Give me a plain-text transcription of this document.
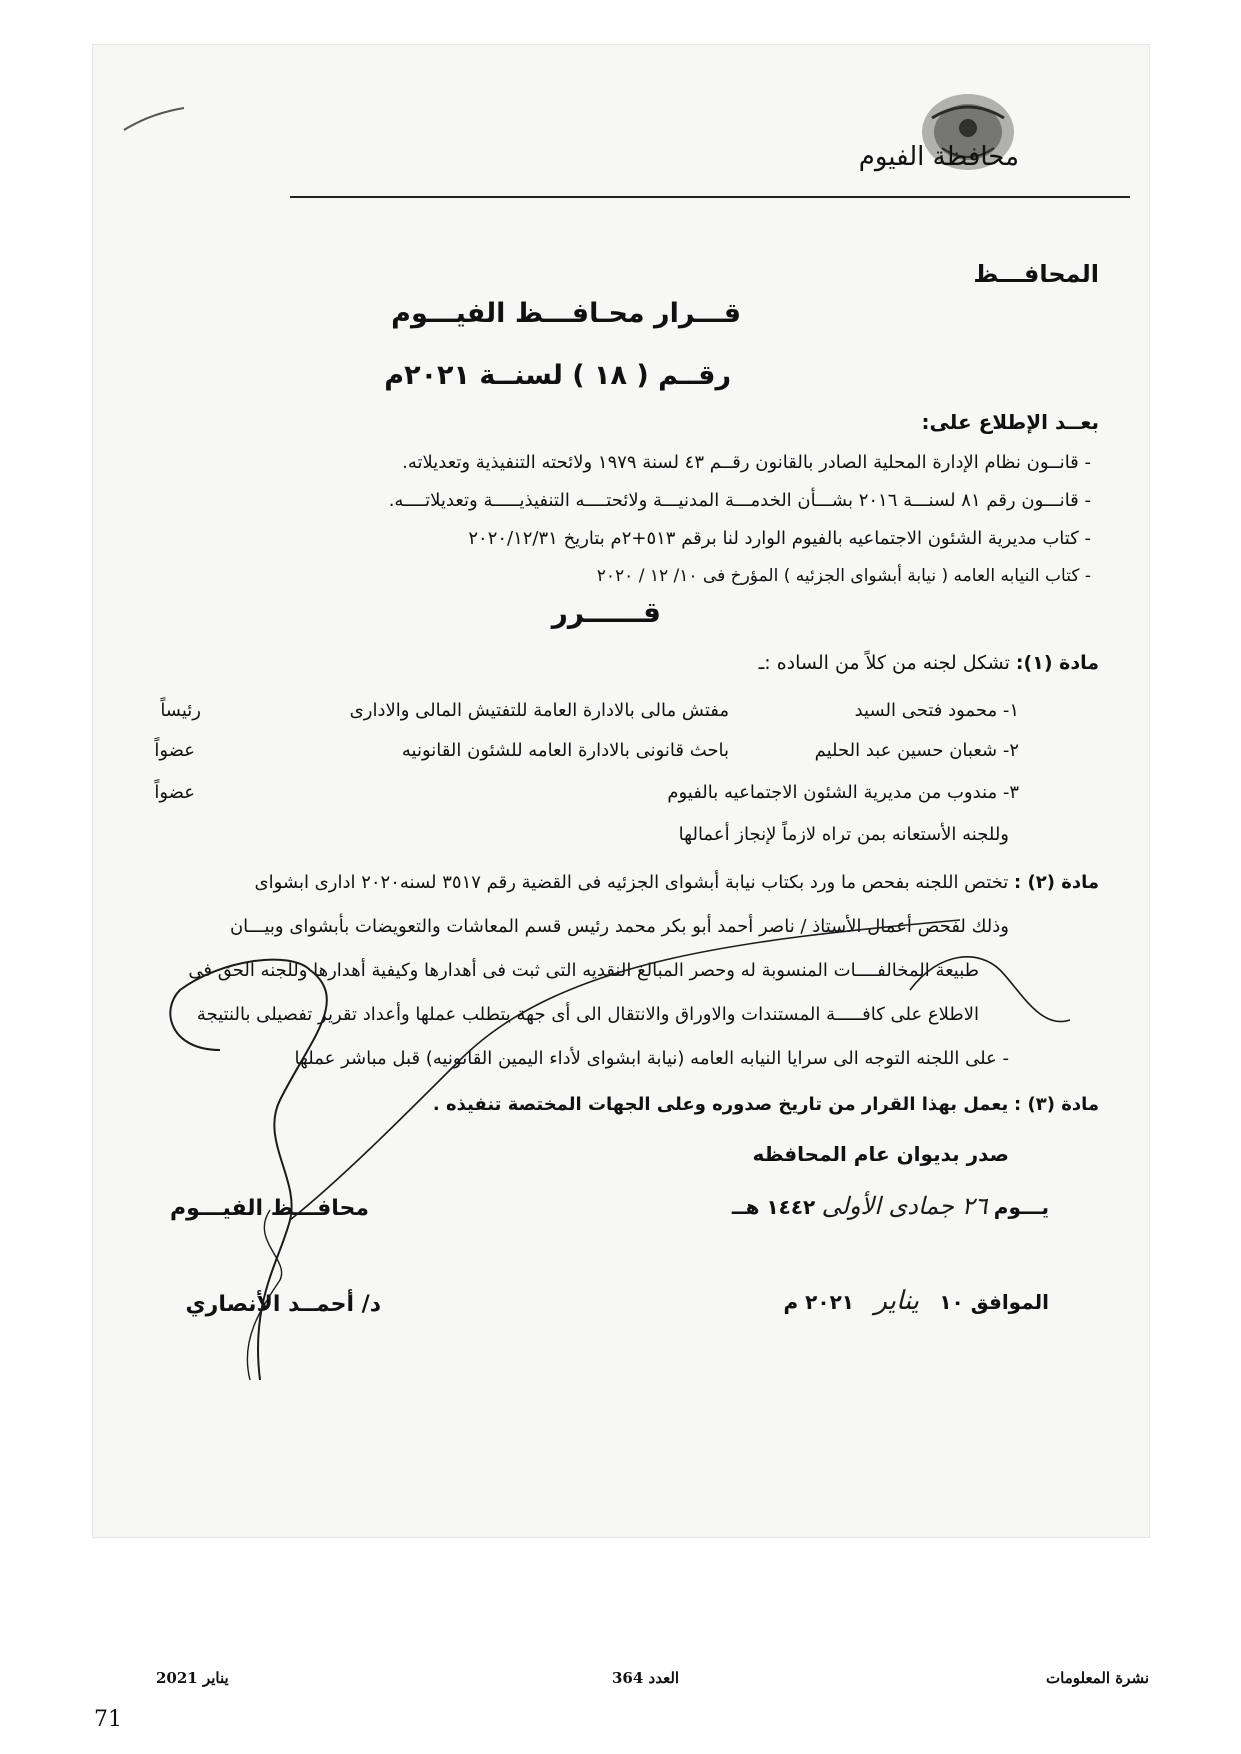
محافظة الفيوم
المحافـــظ
قـــرار محـافـــظ الفيـــوم
رقــم ( ١٨ ) لسنــة ٢٠٢١م
بعــد الإطلاع على:
- قانــون نظام الإدارة المحلية الصادر بالقانون رقــم ٤٣ لسنة ١٩٧٩ ولائحته التنفيذية وتعديلاته.
- قانـــون رقم ٨١ لسنـــة ٢٠١٦ بشـــأن الخدمـــة المدنيـــة ولائحتــــه التنفيذيـــــة وتعديلاتــــه.
- كتاب مديرية الشئون الاجتماعيه بالفيوم الوارد لنا برقم ٥١٣+٢م بتاريخ ٢٠٢٠/١٢/٣١
- كتاب النيابه العامه ( نيابة أبشواى الجزئيه ) المؤرخ فى ١٠/ ١٢ / ٢٠٢٠
قــــــرر
مادة (١): تشكل لجنه من كلاً من الساده :ـ
١- محمود فتحى السيد
مفتش مالى بالادارة العامة للتفتيش المالى والادارى
رئيساً
٢- شعبان حسين عبد الحليم
باحث قانونى بالادارة العامه للشئون القانونيه
عضواً
٣- مندوب من مديرية الشئون الاجتماعيه بالفيوم
عضواً
وللجنه الأستعانه بمن تراه لازماً لإنجاز أعمالها
مادة (٢) : تختص اللجنه بفحص ما ورد بكتاب نيابة أبشواى الجزئيه فى القضية رقم ٣٥١٧ لسنه٢٠٢٠ ادارى ابشواى
وذلك لفحص أعمال الأستاذ / ناصر أحمد أبو بكر محمد رئيس قسم المعاشات والتعويضات بأبشواى وبيـــان
طبيعة المخالفــــات المنسوبة له وحصر المبالغ النقديه التى ثبت فى أهدارها وكيفية أهدارها وللجنه الحق فى
الاطلاع على كافـــــة المستندات والاوراق والانتقال الى أى جهة يتطلب عملها وأعداد تقرير تفصيلى بالنتيجة
- على اللجنه التوجه الى سرايا النيابه العامه (نيابة ابشواى لأداء اليمين القانونيه) قبل مباشر عملها
مادة (٣) : يعمل بهذا القرار من تاريخ صدوره وعلى الجهات المختصة تنفيذه .
صدر بديوان عام المحافظه
يـــوم ٢٦ جمادى الأولى ١٤٤٢ هــ
الموافق ١٠ يناير ٢٠٢١ م
محافـــظ الفيـــوم
د/ أحمــد الأنصاري
يناير 2021	العدد 364	نشرة المعلومات
71
